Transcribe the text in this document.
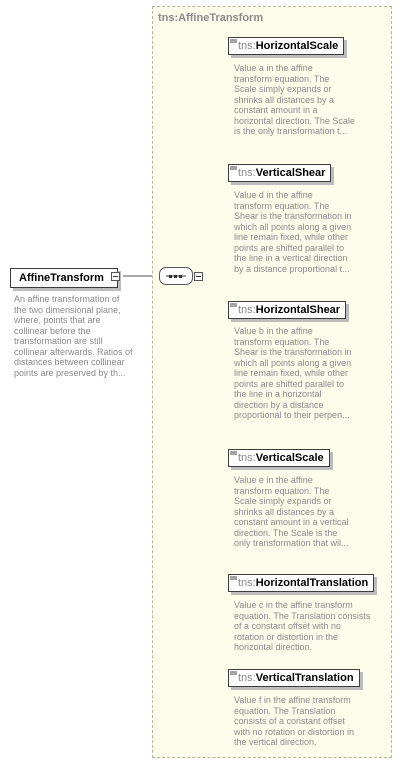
AffineTransform
An affine transformation of
the two dimensional plane,
where, points that are
collinear before the
transformation are still
collinear afterwards. Ratios of
distances between collinear
points are preserved by th...
tns:AffineTransform
tns: HorizontalScale
Value a in the affine
transform equation. The
Scale simply expands or
shrinks all distances by a
constant amount in a
horizontal direction. The Scale
is the only transformation t...
tns: VerticalShear
Value d in the affine
transform equation. The
Shear is the transformation in
which all points along a given
line remain fixed, while other
points are shifted parallel to
the line in a vertical direction
by a distance proportional t...
tns: HorizontalShear
Value b in the affine
transform equation. The
Shear is the transformation in
which all points along a given
line remain fixed, while other
points are shifted parallel to
the line in a horizontal
direction by a distance
proportional to their perpen...
tns: VerticalScale
Value e in the affine
transform equation. The
Scale simply expands or
shrinks all distances by a
constant amount in a vertical
direction. The Scale is the
only transformation that wil...
tns: HorizontalTranslation
Value c in the affine transform
equation. The Translation consists
of a constant offset with no
rotation or distortion in the
horizontal direction.
tns: VerticalTranslation
Value f in the affine transform
equation. The Translation
consists of a constant offset
with no rotation or distortion in
the vertical direction.
